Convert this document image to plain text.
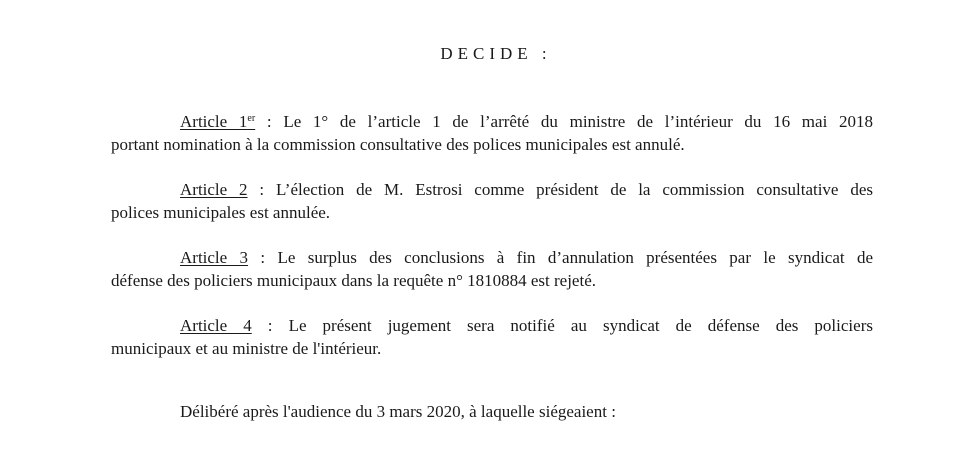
DECIDE :
Article 1er : Le 1° de l’article 1 de l’arrêté du ministre de l’intérieur du 16 mai 2018
portant nomination à la commission consultative des polices municipales est annulé.
Article 2 : L’élection de M. Estrosi comme président de la commission consultative des
polices municipales est annulée.
Article 3 : Le surplus des conclusions à fin d’annulation présentées par le syndicat de
défense des policiers municipaux dans la requête n° 1810884 est rejeté.
Article 4 : Le présent jugement sera notifié au syndicat de défense des policiers
municipaux et au ministre de l'intérieur.
Délibéré après l'audience du 3 mars 2020, à laquelle siégeaient :
